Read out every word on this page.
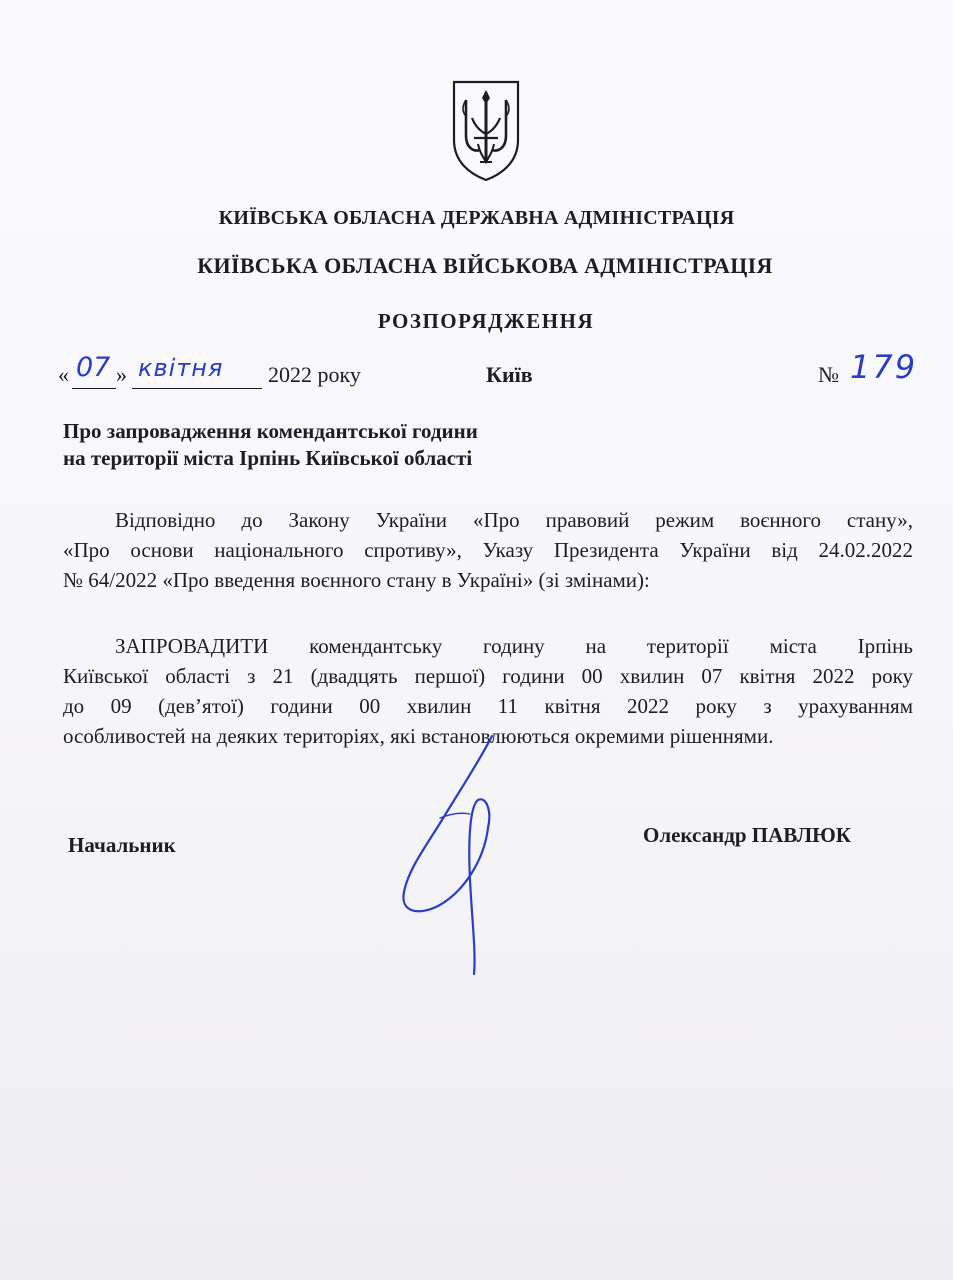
КИЇВСЬКА ОБЛАСНА ДЕРЖАВНА АДМІНІСТРАЦІЯ
КИЇВСЬКА ОБЛАСНА ВІЙСЬКОВА АДМІНІСТРАЦІЯ
РОЗПОРЯДЖЕННЯ
« 07 » квітня 2022 року	Київ	№ 179
Про запровадження комендантської години
на території міста Ірпінь Київської області
Відповідно до Закону України «Про правовий режим воєнного стану»,
«Про основи національного спротиву», Указу Президента України від 24.02.2022
№ 64/2022 «Про введення воєнного стану в Україні» (зі змінами):
ЗАПРОВАДИТИ комендантську годину на території міста Ірпінь
Київської області з 21 (двадцять першої) години 00 хвилин 07 квітня 2022 року
до 09 (дев’ятої) години 00 хвилин 11 квітня 2022 року з урахуванням
особливостей на деяких територіях, які встановлюються окремими рішеннями.
Начальник	Олександр ПАВЛЮК
